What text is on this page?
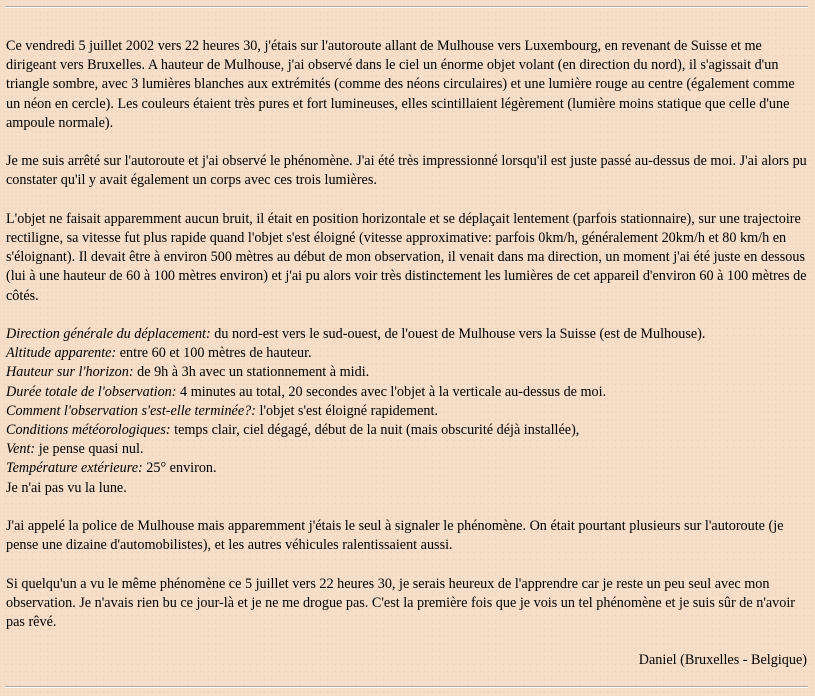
Ce vendredi 5 juillet 2002 vers 22 heures 30, j'étais sur l'autoroute allant de Mulhouse vers Luxembourg, en revenant de Suisse et me dirigeant vers Bruxelles. A hauteur de Mulhouse, j'ai observé dans le ciel un énorme objet volant (en direction du nord), il s'agissait d'un triangle sombre, avec 3 lumières blanches aux extrémités (comme des néons circulaires) et une lumière rouge au centre (également comme un néon en cercle). Les couleurs étaient très pures et fort lumineuses, elles scintillaient légèrement (lumière moins statique que celle d'une ampoule normale).

Je me suis arrêté sur l'autoroute et j'ai observé le phénomène. J'ai été très impressionné lorsqu'il est juste passé au-dessus de moi. J'ai alors pu constater qu'il y avait également un corps avec ces trois lumières.

L'objet ne faisait apparemment aucun bruit, il était en position horizontale et se déplaçait lentement (parfois stationnaire), sur une trajectoire rectiligne, sa vitesse fut plus rapide quand l'objet s'est éloigné (vitesse approximative: parfois 0km/h, généralement 20km/h et 80 km/h en s'éloignant). Il devait être à environ 500 mètres au début de mon observation, il venait dans ma direction, un moment j'ai été juste en dessous (lui à une hauteur de 60 à 100 mètres environ) et j'ai pu alors voir très distinctement les lumières de cet appareil d'environ 60 à 100 mètres de côtés.

Direction générale du déplacement: du nord-est vers le sud-ouest, de l'ouest de Mulhouse vers la Suisse (est de Mulhouse).
Altitude apparente: entre 60 et 100 mètres de hauteur.
Hauteur sur l'horizon: de 9h à 3h avec un stationnement à midi.
Durée totale de l'observation: 4 minutes au total, 20 secondes avec l'objet à la verticale au-dessus de moi.
Comment l'observation s'est-elle terminée?: l'objet s'est éloigné rapidement.
Conditions météorologiques: temps clair, ciel dégagé, début de la nuit (mais obscurité déjà installée),
Vent: je pense quasi nul.
Température extérieure: 25° environ.
Je n'ai pas vu la lune.

J'ai appelé la police de Mulhouse mais apparemment j'étais le seul à signaler le phénomène. On était pourtant plusieurs sur l'autoroute (je pense une dizaine d'automobilistes), et les autres véhicules ralentissaient aussi.

Si quelqu'un a vu le même phénomène ce 5 juillet vers 22 heures 30, je serais heureux de l'apprendre car je reste un peu seul avec mon observation. Je n'avais rien bu ce jour-là et je ne me drogue pas. C'est la première fois que je vois un tel phénomène et je suis sûr de n'avoir pas rêvé.

Daniel (Bruxelles - Belgique)
